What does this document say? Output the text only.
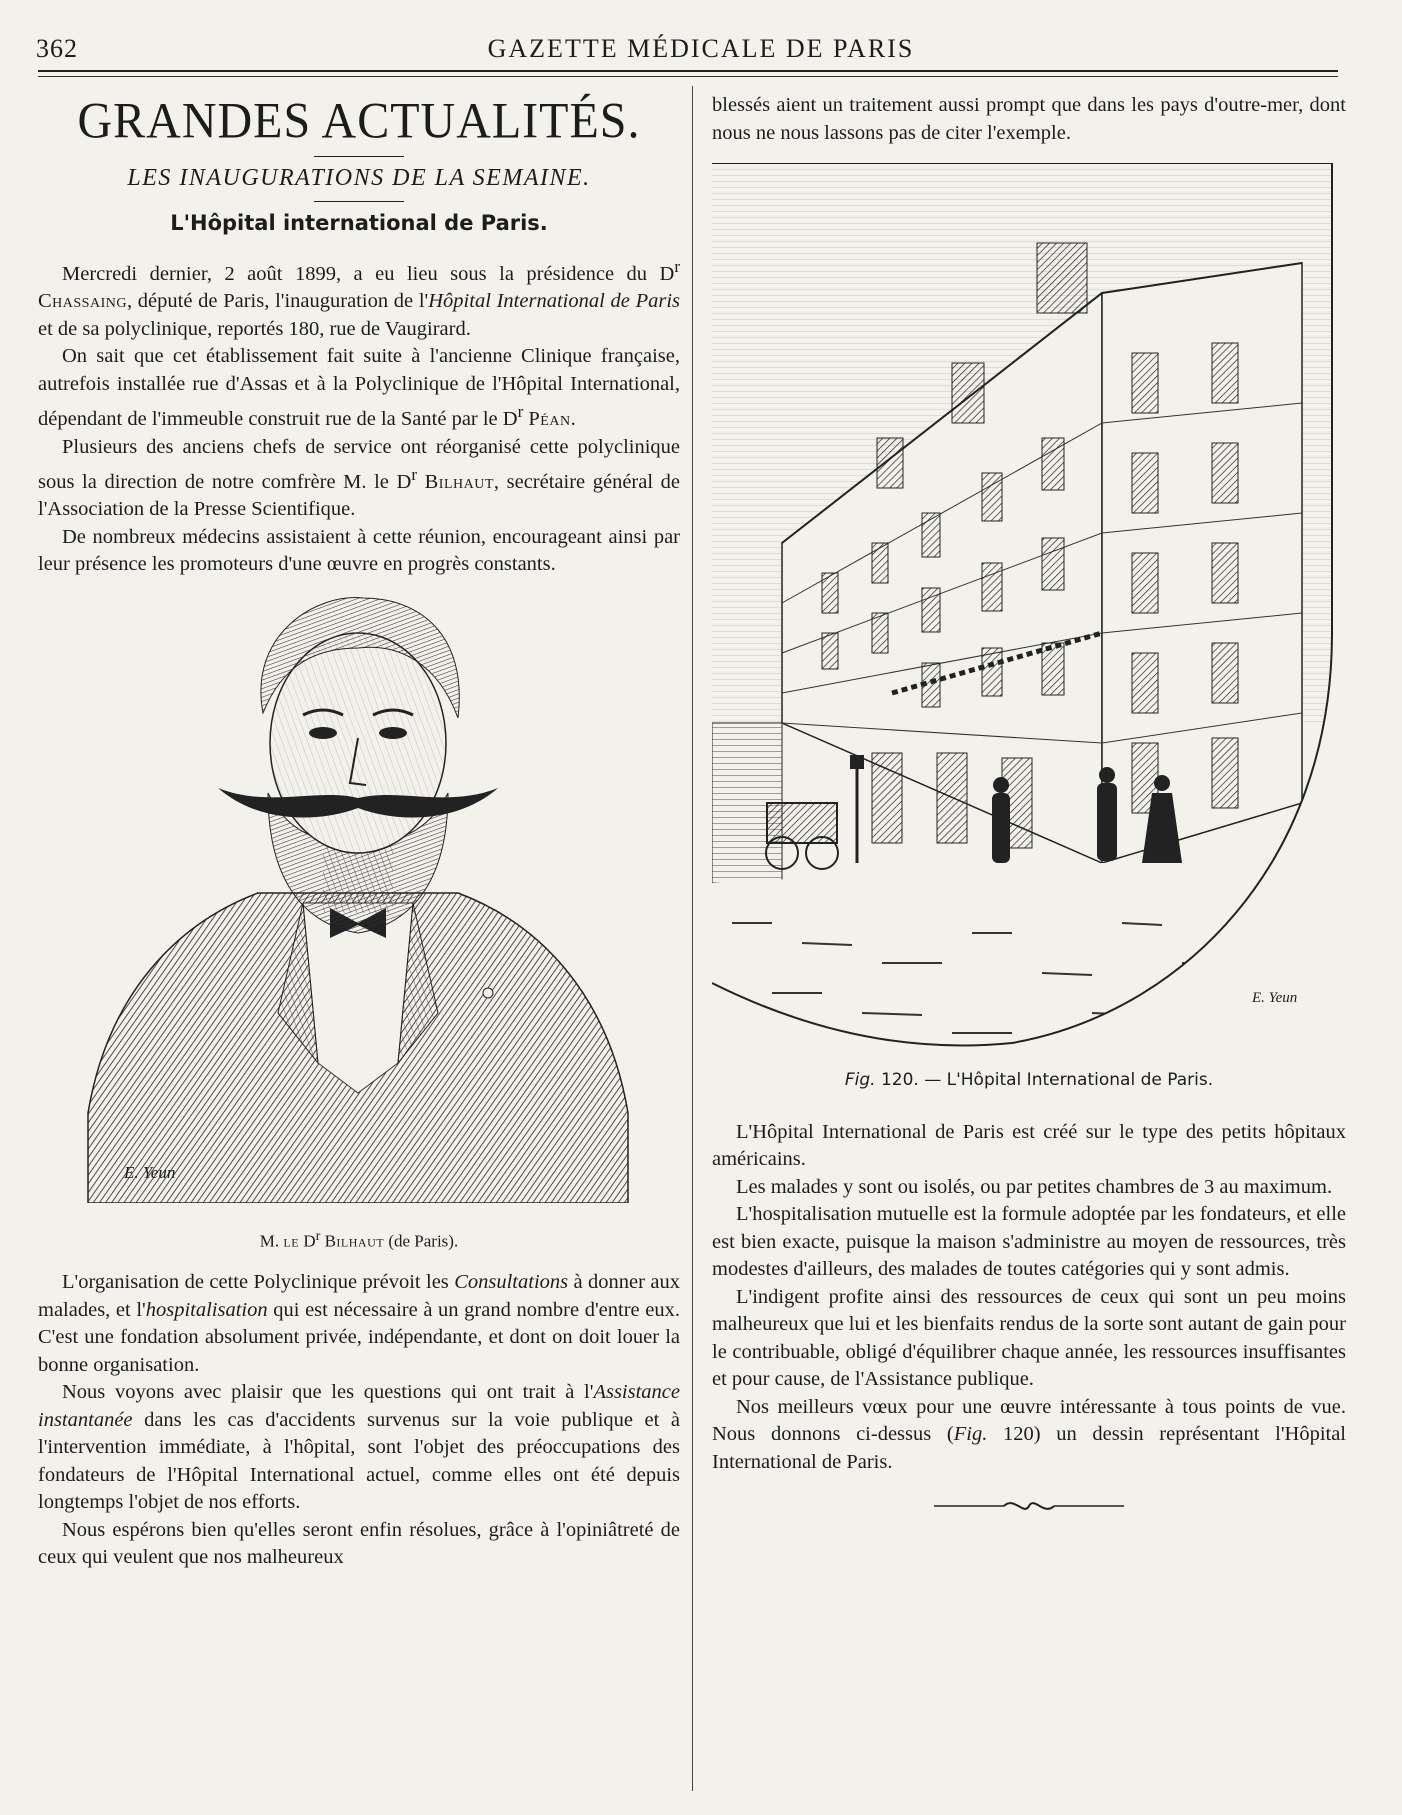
362	GAZETTE MÉDICALE DE PARIS
GRANDES ACTUALITÉS.
LES INAUGURATIONS DE LA SEMAINE.
L'Hôpital international de Paris.

Mercredi dernier, 2 août 1899, a eu lieu sous la présidence du $D^r$ Chassaing, député de Paris, l'inauguration de l'Hôpital International de Paris et de sa polyclinique, reportés 180, rue de Vaugirard.

On sait que cet établissement fait suite à l'ancienne Clinique française, autrefois installée rue d'Assas et à la Polyclinique de l'Hôpital International, dépendant de l'immeuble construit rue de la Santé par le $D^r$ Péan.

Plusieurs des anciens chefs de service ont réorganisé cette polyclinique sous la direction de notre comfrère M. le $D^r$ Bilhaut, secrétaire général de l'Association de la Presse Scientifique.

De nombreux médecins assistaient à cette réunion, encourageant ainsi par leur présence les promoteurs d'une œuvre en progrès constants.

E. Yeun
M. le $D^r$ Bilhaut (de Paris).

L'organisation de cette Polyclinique prévoit les Consultations à donner aux malades, et l'hospitalisation qui est nécessaire à un grand nombre d'entre eux. C'est une fondation absolument privée, indépendante, et dont on doit louer la bonne organisation.

Nous voyons avec plaisir que les questions qui ont trait à l'Assistance instantanée dans les cas d'accidents survenus sur la voie publique et à l'intervention immédiate, à l'hôpital, sont l'objet des préoccupations des fondateurs de l'Hôpital International actuel, comme elles ont été depuis longtemps l'objet de nos efforts.

Nous espérons bien qu'elles seront enfin résolues, grâce à l'opiniâtreté de ceux qui veulent que nos malheureux

blessés aient un traitement aussi prompt que dans les pays d'outre-mer, dont nous ne nous lassons pas de citer l'exemple.

E. Yeun
Fig. 120. — L'Hôpital International de Paris.

L'Hôpital International de Paris est créé sur le type des petits hôpitaux américains.

Les malades y sont ou isolés, ou par petites chambres de 3 au maximum.

L'hospitalisation mutuelle est la formule adoptée par les fondateurs, et elle est bien exacte, puisque la maison s'administre au moyen de ressources, très modestes d'ailleurs, des malades de toutes catégories qui y sont admis.

L'indigent profite ainsi des ressources de ceux qui sont un peu moins malheureux que lui et les bienfaits rendus de la sorte sont autant de gain pour le contribuable, obligé d'équilibrer chaque année, les ressources insuffisantes et pour cause, de l'Assistance publique.

Nos meilleurs vœux pour une œuvre intéressante à tous points de vue. Nous donnons ci-dessus (Fig. 120) un dessin représentant l'Hôpital International de Paris.
